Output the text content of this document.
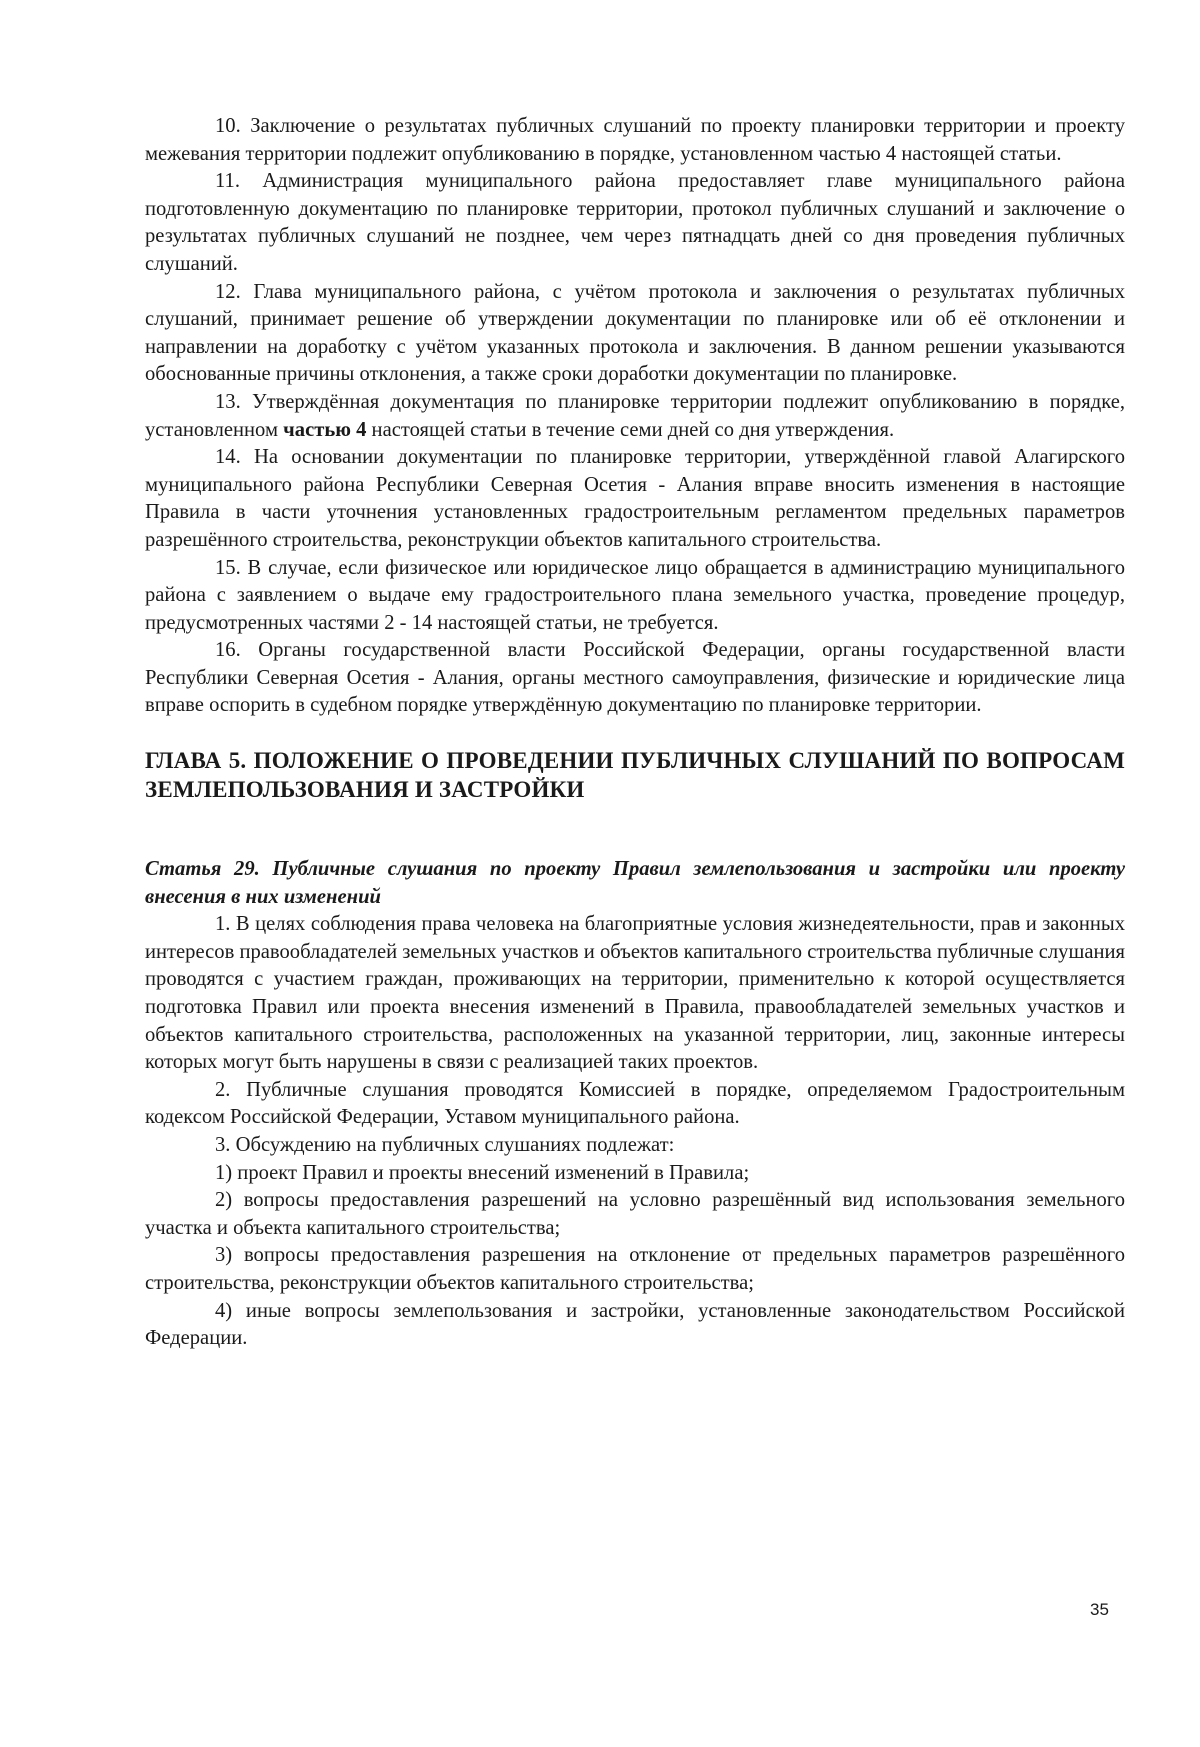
10. Заключение о результатах публичных слушаний по проекту планировки территории и проекту межевания территории подлежит опубликованию в порядке, установленном частью 4 настоящей статьи.

11. Администрация муниципального района предоставляет главе муниципального района подготовленную документацию по планировке территории, протокол публичных слушаний и заключение о результатах публичных слушаний не позднее, чем через пятнадцать дней со дня проведения публичных слушаний.

12. Глава муниципального района, с учётом протокола и заключения о результатах публичных слушаний, принимает решение об утверждении документации по планировке или об её отклонении и направлении на доработку с учётом указанных протокола и заключения. В данном решении указываются обоснованные причины отклонения, а также сроки доработки документации по планировке.

13. Утверждённая документация по планировке территории подлежит опубликованию в порядке, установленном частью 4 настоящей статьи в течение семи дней со дня утверждения.

14. На основании документации по планировке территории, утверждённой главой Алагирского муниципального района Республики Северная Осетия - Алания вправе вносить изменения в настоящие Правила в части уточнения установленных градостроительным регламентом предельных параметров разрешённого строительства, реконструкции объектов капитального строительства.

15. В случае, если физическое или юридическое лицо обращается в администрацию муниципального района с заявлением о выдаче ему градостроительного плана земельного участка, проведение процедур, предусмотренных частями 2 - 14 настоящей статьи, не требуется.

16. Органы государственной власти Российской Федерации, органы государственной власти Республики Северная Осетия - Алания, органы местного самоуправления, физические и юридические лица вправе оспорить в судебном порядке утверждённую документацию по планировке территории.

ГЛАВА 5. ПОЛОЖЕНИЕ О ПРОВЕДЕНИИ ПУБЛИЧНЫХ СЛУШАНИЙ ПО ВОПРОСАМ ЗЕМЛЕПОЛЬЗОВАНИЯ И ЗАСТРОЙКИ
Статья 29. Публичные слушания по проекту Правил землепользования и застройки или проекту внесения в них изменений

1. В целях соблюдения права человека на благоприятные условия жизнедеятельности, прав и законных интересов правообладателей земельных участков и объектов капитального строительства публичные слушания проводятся с участием граждан, проживающих на территории, применительно к которой осуществляется подготовка Правил или проекта внесения изменений в Правила, правообладателей земельных участков и объектов капитального строительства, расположенных на указанной территории, лиц, законные интересы которых могут быть нарушены в связи с реализацией таких проектов.

2. Публичные слушания проводятся Комиссией в порядке, определяемом Градостроительным кодексом Российской Федерации, Уставом муниципального района.

3. Обсуждению на публичных слушаниях подлежат:

1) проект Правил и проекты внесений изменений в Правила;

2) вопросы предоставления разрешений на условно разрешённый вид использования земельного участка и объекта капитального строительства;

3) вопросы предоставления разрешения на отклонение от предельных параметров разрешённого строительства, реконструкции объектов капитального строительства;

4) иные вопросы землепользования и застройки, установленные законодательством Российской Федерации.

35
